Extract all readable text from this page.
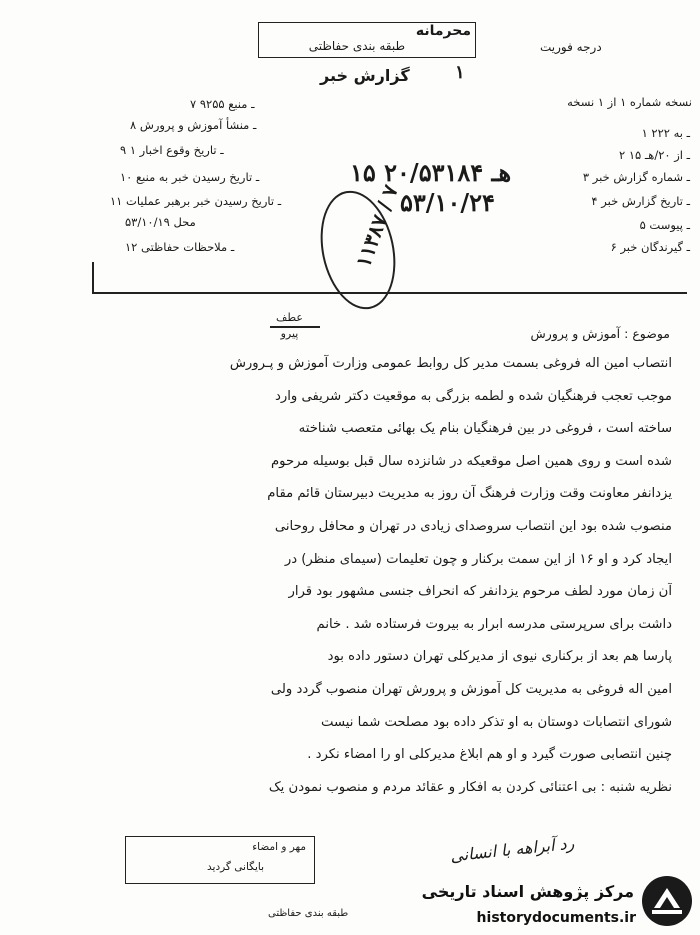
محرمانه
طبقه بندی حفاظتی	درجه فوریت
گزارش خبر	۱
نسخه شماره ۱ از ۱ نسخه
۱ ـ به ۲۲۲
۲ ـ از ۲۰/هـ ۱۵
۳ ـ شماره گزارش خبر
۴ ـ تاریخ گزارش خبر
۵ ـ پیوست
۶ ـ گیرندگان خبر
۷ ـ منبع ۹۲۵۵
۸ ـ منشأ آموزش و پرورش
۹ ـ تاریخ وقوع اخبار ۱
۱۰ ـ تاریخ رسیدن خبر به منبع
۱۱ ـ تاریخ رسیدن خبر برهبر عملیات
محل ۵۳/۱۰/۱۹
۱۲ ـ ملاحظات حفاظتی
۱۵ هـ ۲۰/۵۳۱۸۴
۵۳/۱۰/۲۴
۱۱۳۸۷ / ۷
عطف
پیرو	موضوع : آموزش و پرورش

انتصاب امین اله فروغی بسمت مدیر کل روابط عمومی وزارت آموزش و پـرورش

موجب تعجب فرهنگیان شده و لطمه بزرگی به موقعیت دکتر شریفی وارد

ساخته است ، فروغی در بین فرهنگیان بنام یک بهائی متعصب شناخته

شده است و روی همین اصل موقعیکه در شانزده سال قبل بوسیله مرحوم

یزدانفر معاونت وقت وزارت فرهنگ آن روز به مدیریت دبیرستان قائم مقام

منصوب شده بود این انتصاب سروصدای زیادی در تهران و محافل روحانی

ایجاد کرد و او ۱۶ از این سمت برکنار و چون تعلیمات (سیمای منظر) در

آن زمان مورد لطف مرحوم یزدانفر که انحراف جنسی مشهور بود قرار

داشت برای سرپرستی مدرسه ابرار به بیروت فرستاده شد . خانم

پارسا هم بعد از برکناری نیوی از مدیرکلی تهران دستور داده بود

امین اله فروغی به مدیریت کل آموزش و پرورش تهران منصوب گردد ولی

شورای انتصابات دوستان به او تذکر داده بود مصلحت شما نیست

چنین انتصابی صورت گیرد و او هم ابلاغ مدیرکلی او را امضاء نکرد .

نظریه شنبه : بی اعتنائی کردن به افکار و عقائد مردم و منصوب نمودن یک

رد آبراهه با انسانی
مهر و امضاء
بایگانی گردید
طبقه بندی حفاظتی
مرکز پژوهش اسناد تاریخی
historydocuments.ir
